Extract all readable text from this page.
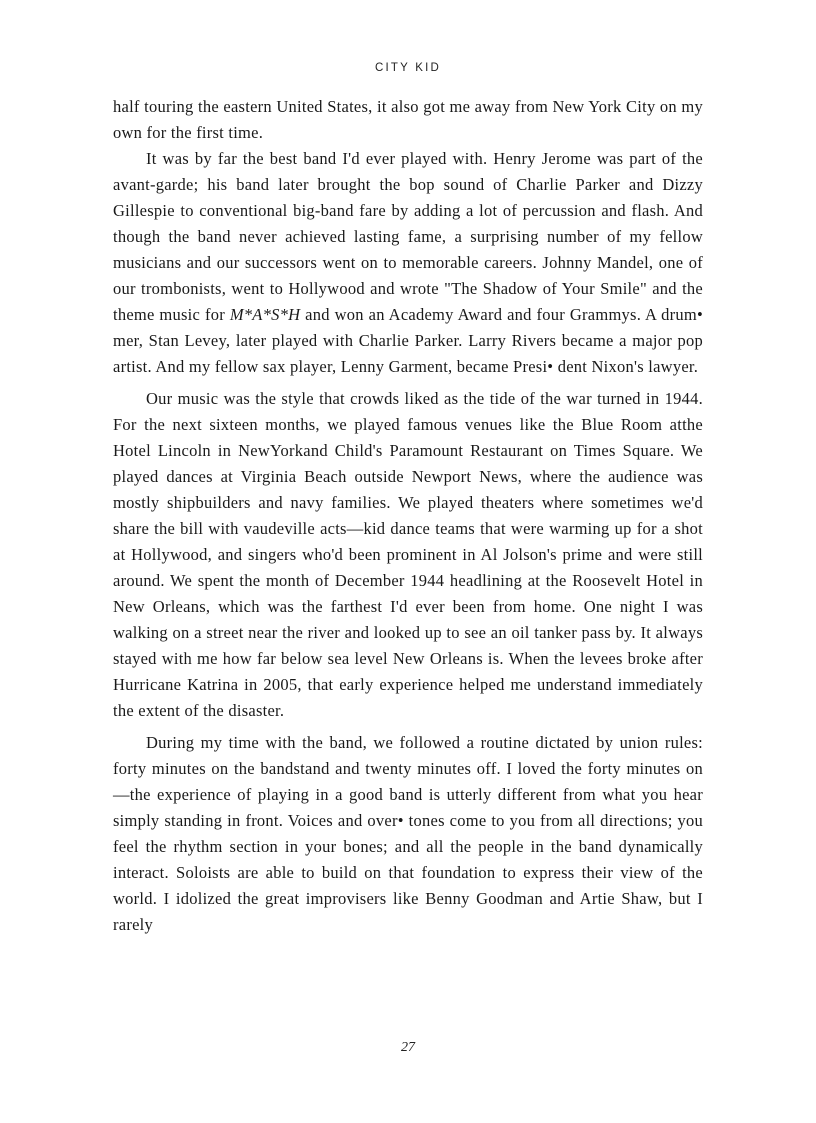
CITY KID

half touring the eastern United States, it also got me away from New York City on my own for the first time.

It was by far the best band I'd ever played with. Henry Jerome was part of the avant-garde; his band later brought the bop sound of Charlie Parker and Dizzy Gillespie to conventional big-band fare by adding a lot of percussion and flash. And though the band never achieved lasting fame, a surprising number of my fellow musicians and our successors went on to memorable careers. Johnny Mandel, one of our trombonists, went to Hollywood and wrote "The Shadow of Your Smile" and the theme music for M*A*S*H and won an Academy Award and four Grammys. A drum• mer, Stan Levey, later played with Charlie Parker. Larry Rivers became a major pop artist. And my fellow sax player, Lenny Garment, became Presi• dent Nixon's lawyer.

Our music was the style that crowds liked as the tide of the war turned in 1944. For the next sixteen months, we played famous venues like the Blue Room atthe Hotel Lincoln in NewYorkand Child's Paramount Restaurant on Times Square. We played dances at Virginia Beach outside Newport News, where the audience was mostly shipbuilders and navy families. We played theaters where sometimes we'd share the bill with vaudeville acts—kid dance teams that were warming up for a shot at Hollywood, and singers who'd been prominent in Al Jolson's prime and were still around. We spent the month of December 1944 headlining at the Roosevelt Hotel in New Orleans, which was the farthest I'd ever been from home. One night I was walking on a street near the river and looked up to see an oil tanker pass by. It always stayed with me how far below sea level New Orleans is. When the levees broke after Hurricane Katrina in 2005, that early experience helped me understand immediately the extent of the disaster.

During my time with the band, we followed a routine dictated by union rules: forty minutes on the bandstand and twenty minutes off. I loved the forty minutes on—the experience of playing in a good band is utterly different from what you hear simply standing in front. Voices and over• tones come to you from all directions; you feel the rhythm section in your bones; and all the people in the band dynamically interact. Soloists are able to build on that foundation to express their view of the world. I idolized the great improvisers like Benny Goodman and Artie Shaw, but I rarely

27
